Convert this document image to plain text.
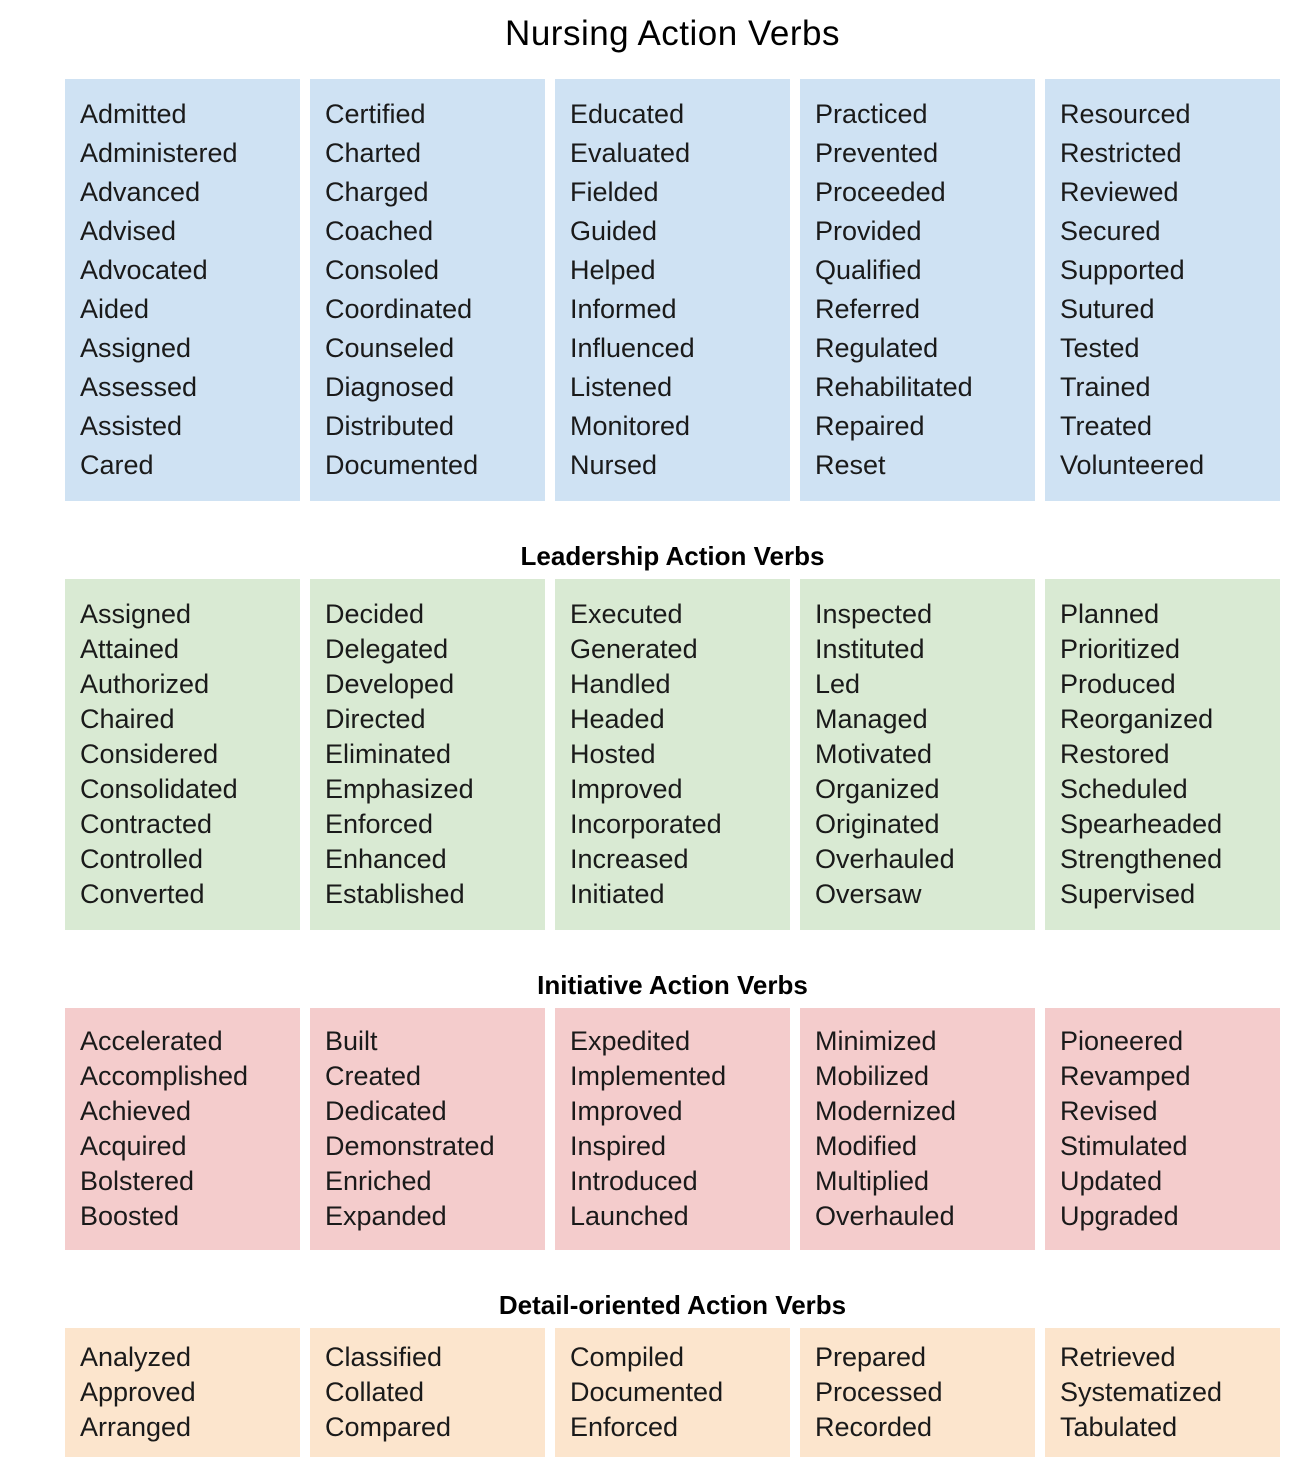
Nursing Action Verbs
Admitted
Administered
Advanced
Advised
Advocated
Aided
Assigned
Assessed
Assisted
Cared
Certified
Charted
Charged
Coached
Consoled
Coordinated
Counseled
Diagnosed
Distributed
Documented
Educated
Evaluated
Fielded
Guided
Helped
Informed
Influenced
Listened
Monitored
Nursed
Practiced
Prevented
Proceeded
Provided
Qualified
Referred
Regulated
Rehabilitated
Repaired
Reset
Resourced
Restricted
Reviewed
Secured
Supported
Sutured
Tested
Trained
Treated
Volunteered
Leadership Action Verbs
Assigned
Attained
Authorized
Chaired
Considered
Consolidated
Contracted
Controlled
Converted
Decided
Delegated
Developed
Directed
Eliminated
Emphasized
Enforced
Enhanced
Established
Executed
Generated
Handled
Headed
Hosted
Improved
Incorporated
Increased
Initiated
Inspected
Instituted
Led
Managed
Motivated
Organized
Originated
Overhauled
Oversaw
Planned
Prioritized
Produced
Reorganized
Restored
Scheduled
Spearheaded
Strengthened
Supervised
Initiative Action Verbs
Accelerated
Accomplished
Achieved
Acquired
Bolstered
Boosted
Built
Created
Dedicated
Demonstrated
Enriched
Expanded
Expedited
Implemented
Improved
Inspired
Introduced
Launched
Minimized
Mobilized
Modernized
Modified
Multiplied
Overhauled
Pioneered
Revamped
Revised
Stimulated
Updated
Upgraded
Detail-oriented Action Verbs
Analyzed
Approved
Arranged
Classified
Collated
Compared
Compiled
Documented
Enforced
Prepared
Processed
Recorded
Retrieved
Systematized
Tabulated
